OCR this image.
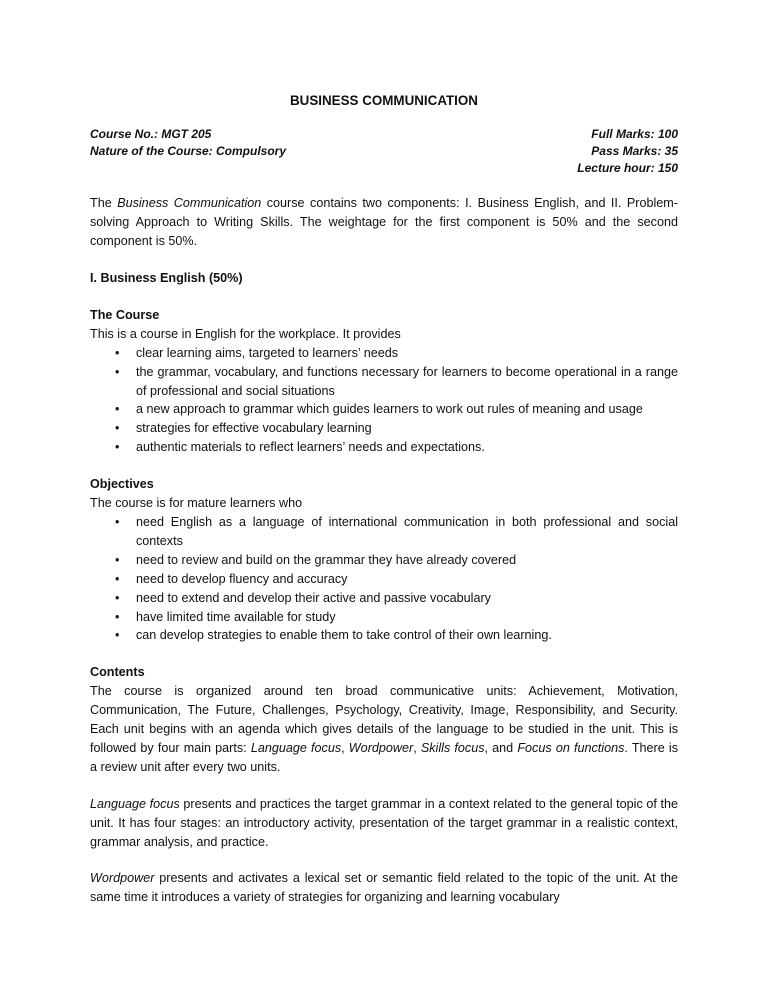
BUSINESS COMMUNICATION
Course No.: MGT 205
Nature of the Course: Compulsory
Full Marks: 100
Pass Marks: 35
Lecture hour: 150

The Business Communication course contains two components: I. Business English, and II. Problem-solving Approach to Writing Skills. The weightage for the first component is 50% and the second component is 50%.

I. Business English (50%)
The Course

This is a course in English for the workplace. It provides

• clear learning aims, targeted to learners’ needs
• the grammar, vocabulary, and functions necessary for learners to become operational in a range of professional and social situations
• a new approach to grammar which guides learners to work out rules of meaning and usage
• strategies for effective vocabulary learning
• authentic materials to reflect learners’ needs and expectations.
Objectives

The course is for mature learners who

• need English as a language of international communication in both professional and social contexts
• need to review and build on the grammar they have already covered
• need to develop fluency and accuracy
• need to extend and develop their active and passive vocabulary
• have limited time available for study
• can develop strategies to enable them to take control of their own learning.
Contents

The course is organized around ten broad communicative units: Achievement, Motivation, Communication, The Future, Challenges, Psychology, Creativity, Image, Responsibility, and Security. Each unit begins with an agenda which gives details of the language to be studied in the unit. This is followed by four main parts: Language focus, Wordpower, Skills focus, and Focus on functions. There is a review unit after every two units.

Language focus presents and practices the target grammar in a context related to the general topic of the unit. It has four stages: an introductory activity, presentation of the target grammar in a realistic context, grammar analysis, and practice.

Wordpower presents and activates a lexical set or semantic field related to the topic of the unit. At the same time it introduces a variety of strategies for organizing and learning vocabulary
